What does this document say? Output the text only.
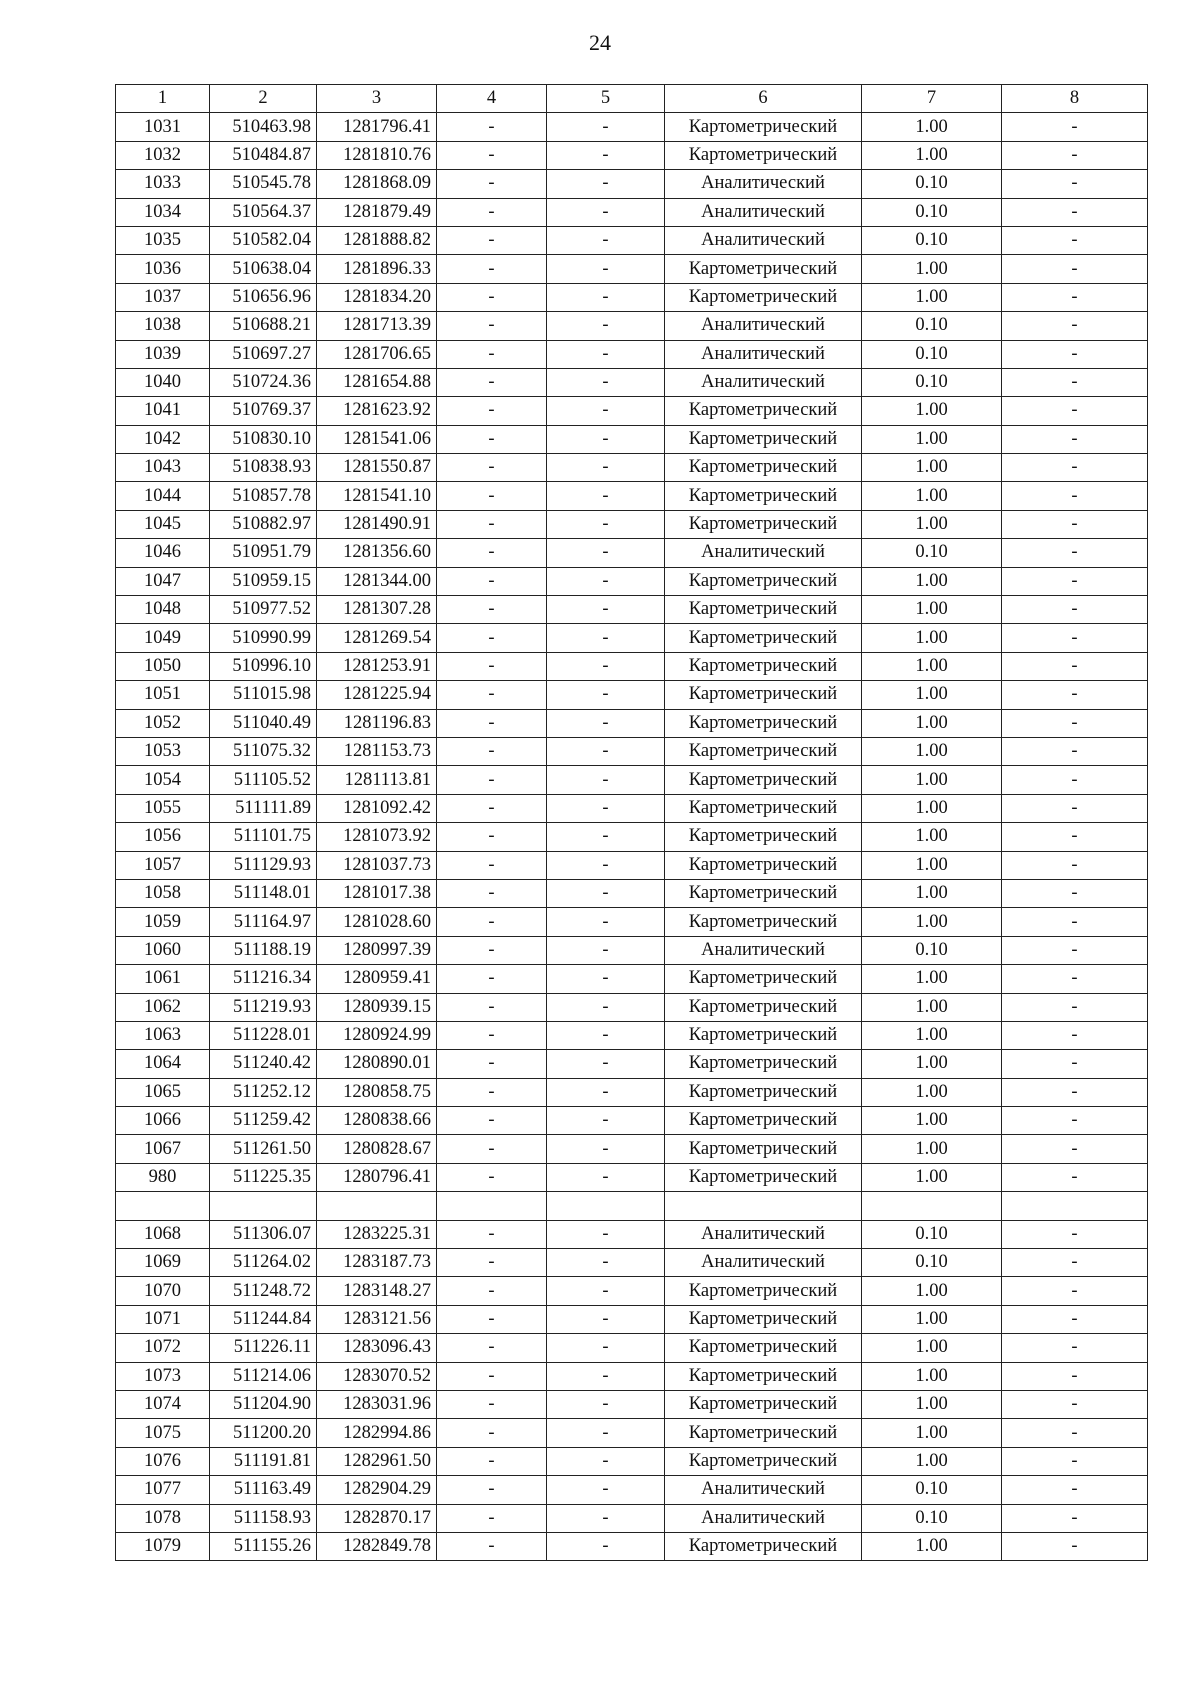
24
1	2	3	4	5	6	7	8
1031	510463.98	1281796.41	-	-	Картометрический	1.00	-
1032	510484.87	1281810.76	-	-	Картометрический	1.00	-
1033	510545.78	1281868.09	-	-	Аналитический	0.10	-
1034	510564.37	1281879.49	-	-	Аналитический	0.10	-
1035	510582.04	1281888.82	-	-	Аналитический	0.10	-
1036	510638.04	1281896.33	-	-	Картометрический	1.00	-
1037	510656.96	1281834.20	-	-	Картометрический	1.00	-
1038	510688.21	1281713.39	-	-	Аналитический	0.10	-
1039	510697.27	1281706.65	-	-	Аналитический	0.10	-
1040	510724.36	1281654.88	-	-	Аналитический	0.10	-
1041	510769.37	1281623.92	-	-	Картометрический	1.00	-
1042	510830.10	1281541.06	-	-	Картометрический	1.00	-
1043	510838.93	1281550.87	-	-	Картометрический	1.00	-
1044	510857.78	1281541.10	-	-	Картометрический	1.00	-
1045	510882.97	1281490.91	-	-	Картометрический	1.00	-
1046	510951.79	1281356.60	-	-	Аналитический	0.10	-
1047	510959.15	1281344.00	-	-	Картометрический	1.00	-
1048	510977.52	1281307.28	-	-	Картометрический	1.00	-
1049	510990.99	1281269.54	-	-	Картометрический	1.00	-
1050	510996.10	1281253.91	-	-	Картометрический	1.00	-
1051	511015.98	1281225.94	-	-	Картометрический	1.00	-
1052	511040.49	1281196.83	-	-	Картометрический	1.00	-
1053	511075.32	1281153.73	-	-	Картометрический	1.00	-
1054	511105.52	1281113.81	-	-	Картометрический	1.00	-
1055	511111.89	1281092.42	-	-	Картометрический	1.00	-
1056	511101.75	1281073.92	-	-	Картометрический	1.00	-
1057	511129.93	1281037.73	-	-	Картометрический	1.00	-
1058	511148.01	1281017.38	-	-	Картометрический	1.00	-
1059	511164.97	1281028.60	-	-	Картометрический	1.00	-
1060	511188.19	1280997.39	-	-	Аналитический	0.10	-
1061	511216.34	1280959.41	-	-	Картометрический	1.00	-
1062	511219.93	1280939.15	-	-	Картометрический	1.00	-
1063	511228.01	1280924.99	-	-	Картометрический	1.00	-
1064	511240.42	1280890.01	-	-	Картометрический	1.00	-
1065	511252.12	1280858.75	-	-	Картометрический	1.00	-
1066	511259.42	1280838.66	-	-	Картометрический	1.00	-
1067	511261.50	1280828.67	-	-	Картометрический	1.00	-
980	511225.35	1280796.41	-	-	Картометрический	1.00	-

1068	511306.07	1283225.31	-	-	Аналитический	0.10	-
1069	511264.02	1283187.73	-	-	Аналитический	0.10	-
1070	511248.72	1283148.27	-	-	Картометрический	1.00	-
1071	511244.84	1283121.56	-	-	Картометрический	1.00	-
1072	511226.11	1283096.43	-	-	Картометрический	1.00	-
1073	511214.06	1283070.52	-	-	Картометрический	1.00	-
1074	511204.90	1283031.96	-	-	Картометрический	1.00	-
1075	511200.20	1282994.86	-	-	Картометрический	1.00	-
1076	511191.81	1282961.50	-	-	Картометрический	1.00	-
1077	511163.49	1282904.29	-	-	Аналитический	0.10	-
1078	511158.93	1282870.17	-	-	Аналитический	0.10	-
1079	511155.26	1282849.78	-	-	Картометрический	1.00	-
